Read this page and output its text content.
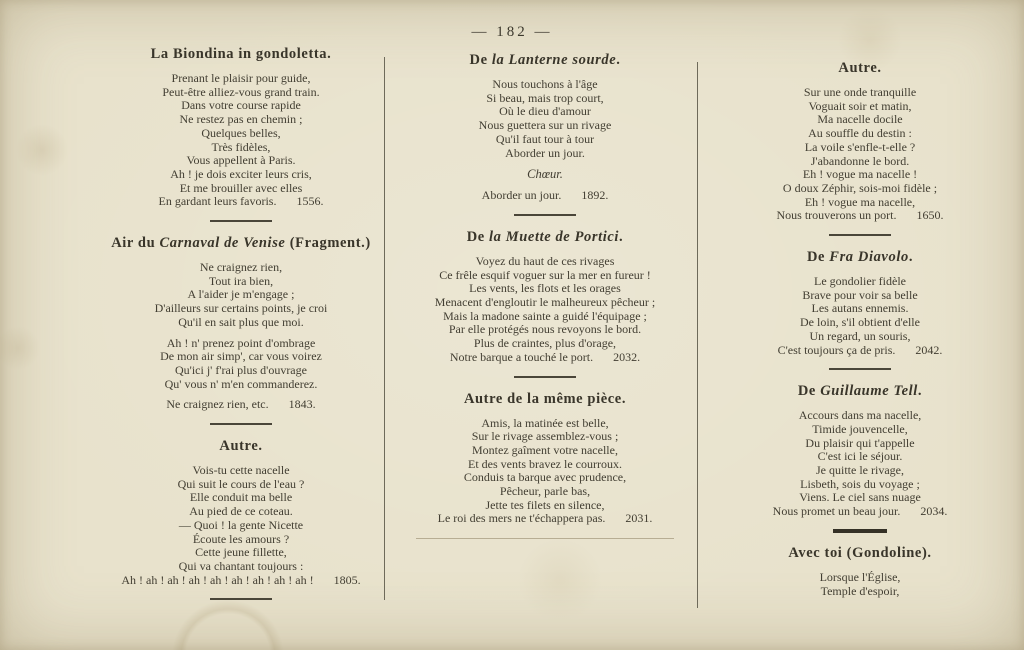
— 182 —
La Biondina in gondoletta.
Prenant le plaisir pour guide,
Peut-être alliez-vous grand train.
Dans votre course rapide
Ne restez pas en chemin ;
Quelques belles,
Très fidèles,
Vous appellent à Paris.
Ah ! je dois exciter leurs cris,
Et me brouiller avec elles
En gardant leurs favoris. 1556.
Air du Carnaval de Venise (Fragment.)
Ne craignez rien,
Tout ira bien,
A l'aider je m'engage ;
D'ailleurs sur certains points, je croi
Qu'il en sait plus que moi.
Ah ! n' prenez point d'ombrage
De mon air simp', car vous voirez
Qu'ici j' f'rai plus d'ouvrage
Qu' vous n' m'en commanderez.
Ne craignez rien, etc. 1843.
Autre.
Vois-tu cette nacelle
Qui suit le cours de l'eau ?
Elle conduit ma belle
Au pied de ce coteau.
— Quoi ! la gente Nicette
Écoute les amours ?
Cette jeune fillette,
Qui va chantant toujours :
Ah ! ah ! ah ! ah ! ah ! ah ! ah ! ah ! ah ! 1805.
De la Lanterne sourde.
Nous touchons à l'âge
Si beau, mais trop court,
Où le dieu d'amour
Nous guettera sur un rivage
Qu'il faut tour à tour
Aborder un jour.
Chœur.
Aborder un jour. 1892.
De la Muette de Portici.
Voyez du haut de ces rivages
Ce frêle esquif voguer sur la mer en fureur !
Les vents, les flots et les orages
Menacent d'engloutir le malheureux pêcheur ;
Mais la madone sainte a guidé l'équipage ;
Par elle protégés nous revoyons le bord.
Plus de craintes, plus d'orage,
Notre barque a touché le port. 2032.
Autre de la même pièce.
Amis, la matinée est belle,
Sur le rivage assemblez-vous ;
Montez gaîment votre nacelle,
Et des vents bravez le courroux.
Conduis ta barque avec prudence,
Pêcheur, parle bas,
Jette tes filets en silence,
Le roi des mers ne t'échappera pas. 2031.
Autre.
Sur une onde tranquille
Voguait soir et matin,
Ma nacelle docile
Au souffle du destin :
La voile s'enfle-t-elle ?
J'abandonne le bord.
Eh ! vogue ma nacelle !
O doux Zéphir, sois-moi fidèle ;
Eh ! vogue ma nacelle,
Nous trouverons un port. 1650.
De Fra Diavolo.
Le gondolier fidèle
Brave pour voir sa belle
Les autans ennemis.
De loin, s'il obtient d'elle
Un regard, un souris,
C'est toujours ça de pris. 2042.
De Guillaume Tell.
Accours dans ma nacelle,
Timide jouvencelle,
Du plaisir qui t'appelle
C'est ici le séjour.
Je quitte le rivage,
Lisbeth, sois du voyage ;
Viens. Le ciel sans nuage
Nous promet un beau jour. 2034.
Avec toi (Gondoline).
Lorsque l'Église,
Temple d'espoir,
